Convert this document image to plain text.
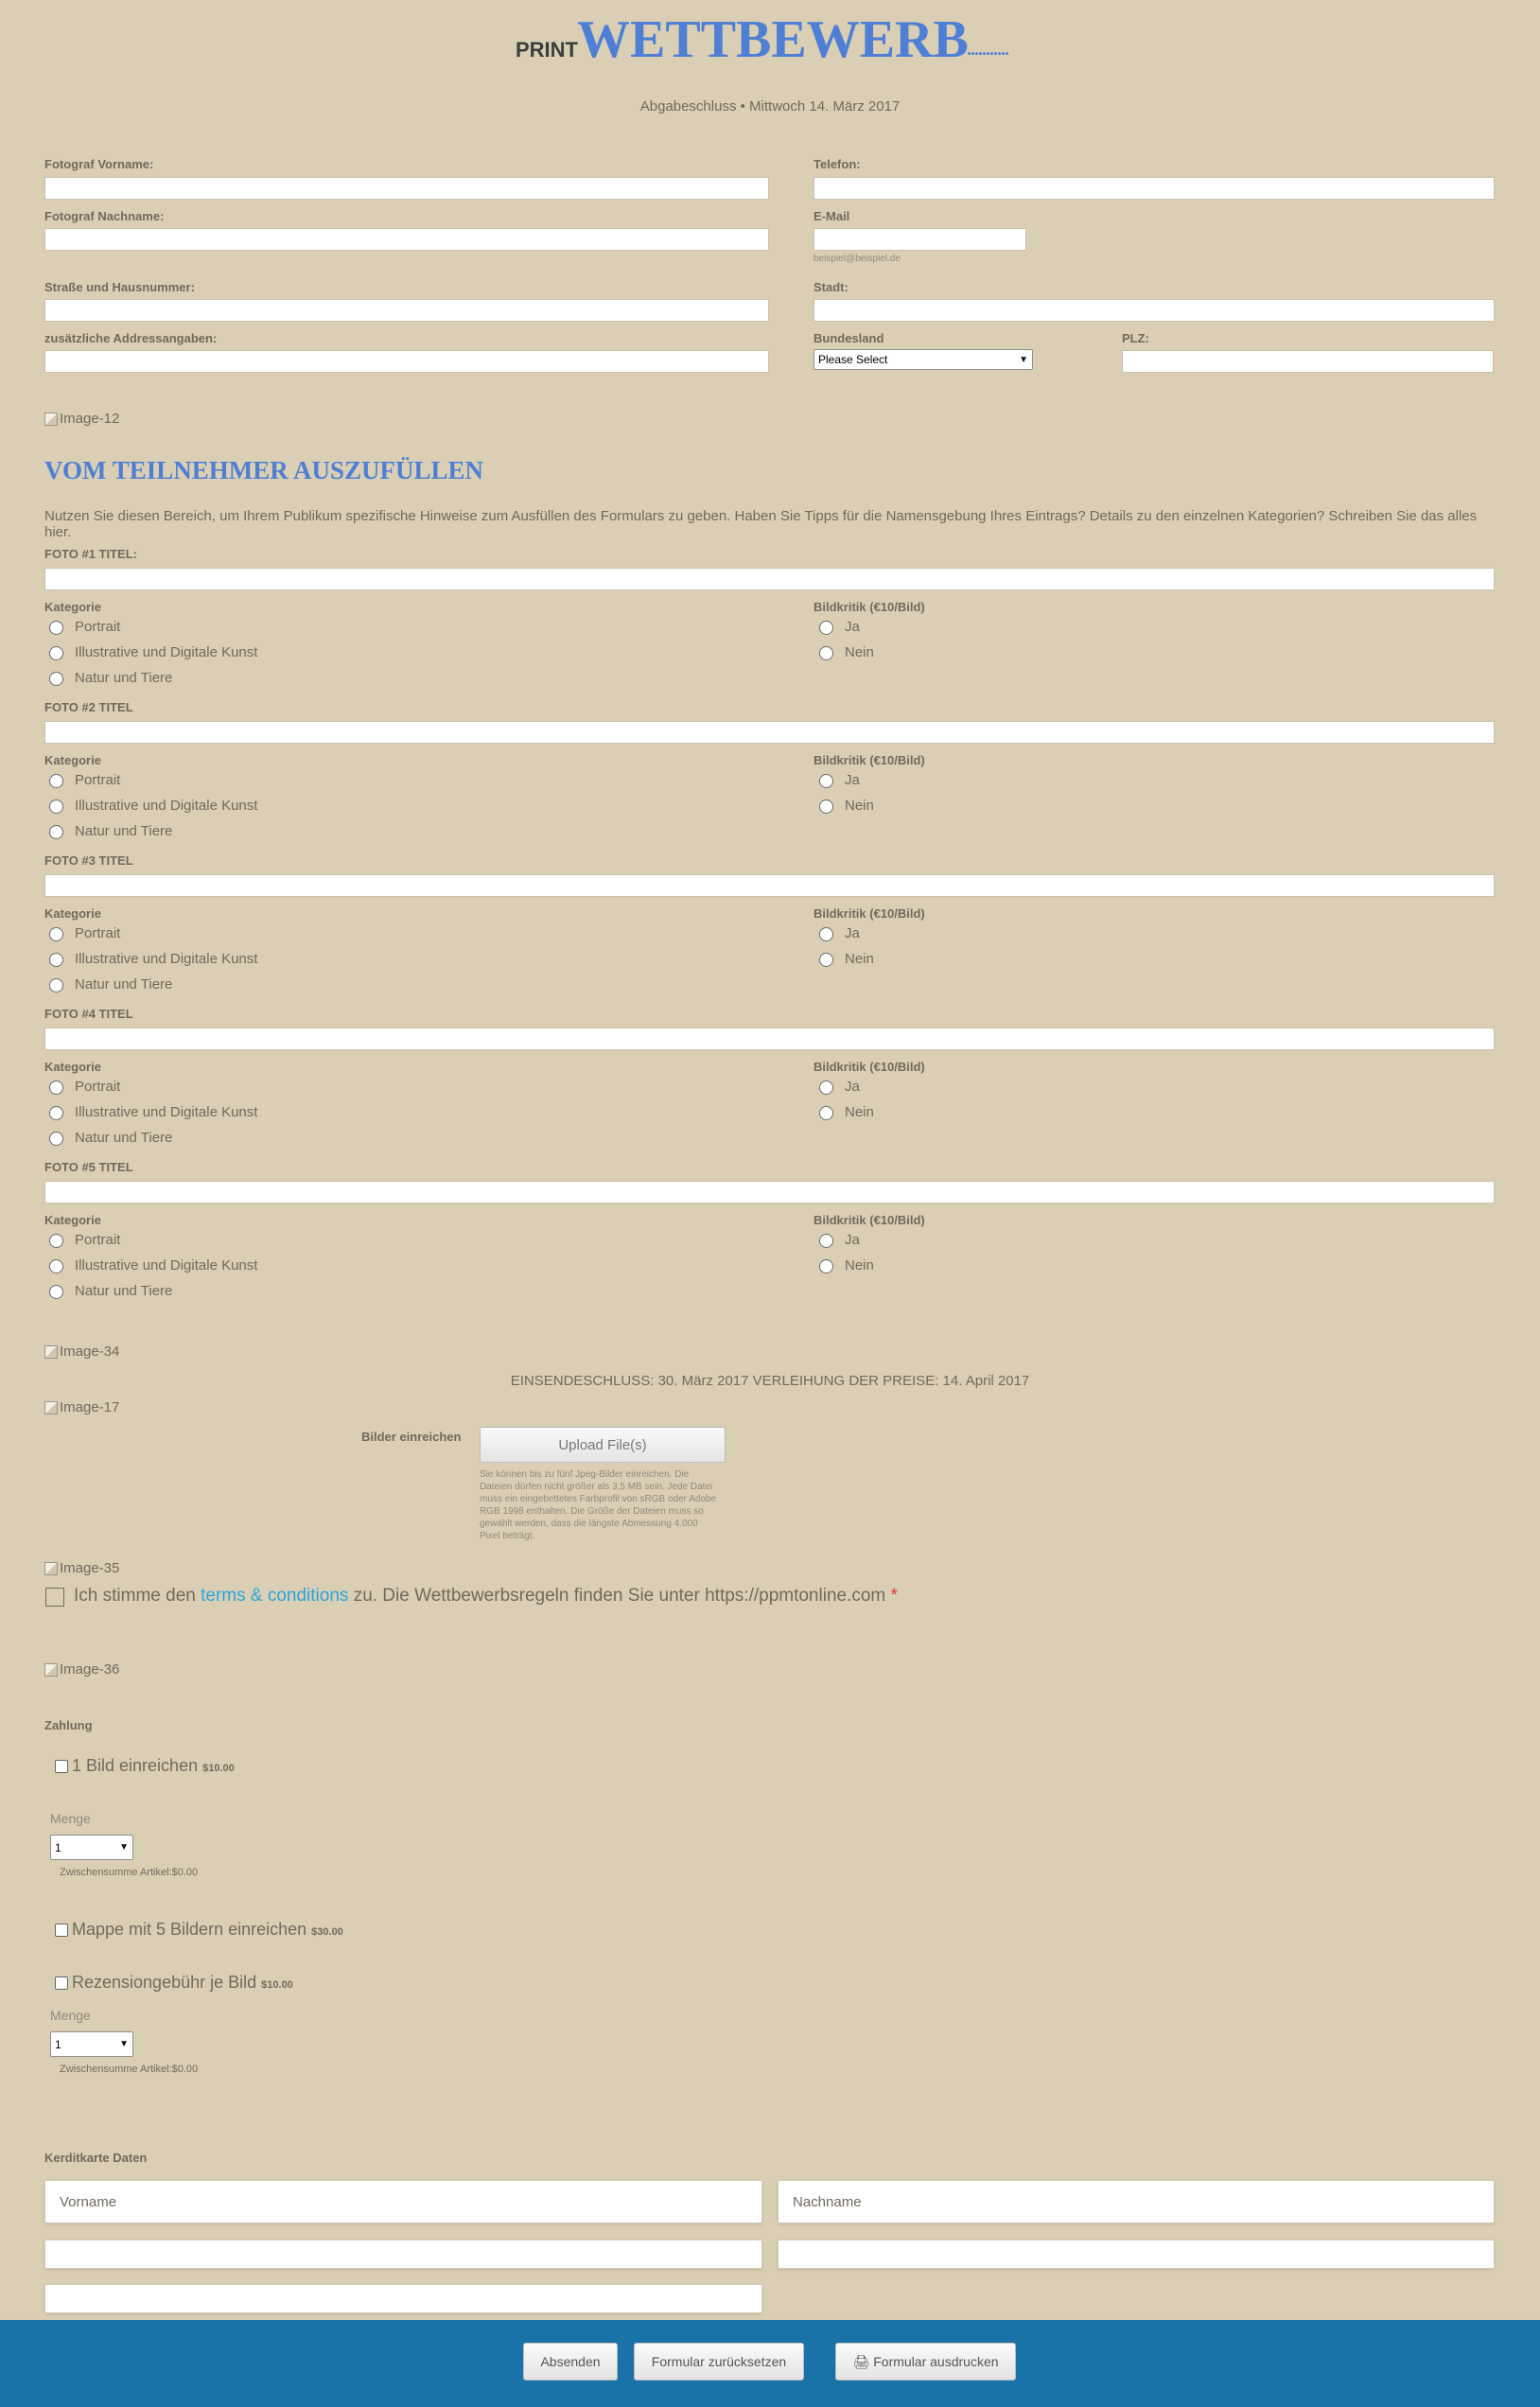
PRINT WETTBEWERB
...........
Abgabeschluss • Mittwoch 14. März 2017
Fotograf Vorname:
Fotograf Nachname:
Straße und Hausnummer:
zusätzliche Addressangaben:
Telefon:
E-Mail
beispiel@beispiel.de
Stadt:
Bundesland
Please Select	▼
PLZ:
Image-12
VOM TEILNEHMER AUSZUFÜLLEN
Nutzen Sie diesen Bereich, um Ihrem Publikum spezifische Hinweise zum Ausfüllen des Formulars zu geben. Haben Sie Tipps für die Namensgebung Ihres Eintrags? Details zu den einzelnen Kategorien? Schreiben Sie das alles hier.
FOTO #1 TITEL:
Kategorie
Portrait
Illustrative und Digitale Kunst
Natur und Tiere
Bildkritik (€10/Bild)
Ja
Nein
FOTO #2 TITEL
Kategorie
Portrait
Illustrative und Digitale Kunst
Natur und Tiere
Bildkritik (€10/Bild)
Ja
Nein
FOTO #3 TITEL
Kategorie
Portrait
Illustrative und Digitale Kunst
Natur und Tiere
Bildkritik (€10/Bild)
Ja
Nein
FOTO #4 TITEL
Kategorie
Portrait
Illustrative und Digitale Kunst
Natur und Tiere
Bildkritik (€10/Bild)
Ja
Nein
FOTO #5 TITEL
Kategorie
Portrait
Illustrative und Digitale Kunst
Natur und Tiere
Bildkritik (€10/Bild)
Ja
Nein
Image-34
EINSENDESCHLUSS: 30. März 2017 VERLEIHUNG DER PREISE: 14. April 2017
Image-17
Bilder einreichen	Upload File(s)
Sie können bis zu fünf Jpeg-Bilder einreichen. Die Dateien dürfen nicht größer als 3,5 MB sein. Jede Datei muss ein eingebettetes Farbprofil von sRGB oder Adobe RGB 1998 enthalten. Die Größe der Dateien muss so gewählt werden, dass die längste Abmessung 4.000 Pixel beträgt.
Image-35
Ich stimme den terms & conditions zu. Die Wettbewerbsregeln finden Sie unter https://ppmtonline.com *
Image-36
Zahlung
1 Bild einreichen $10.00
Menge
1	▼
Zwischensumme Artikel:$0.00
Mappe mit 5 Bildern einreichen $30.00
Rezensiongebühr je Bild $10.00
Menge
1	▼
Zwischensumme Artikel:$0.00
Kerditkarte Daten
Vorname	Nachname
Absenden	Formular zurücksetzen	🖨 Formular ausdrucken
